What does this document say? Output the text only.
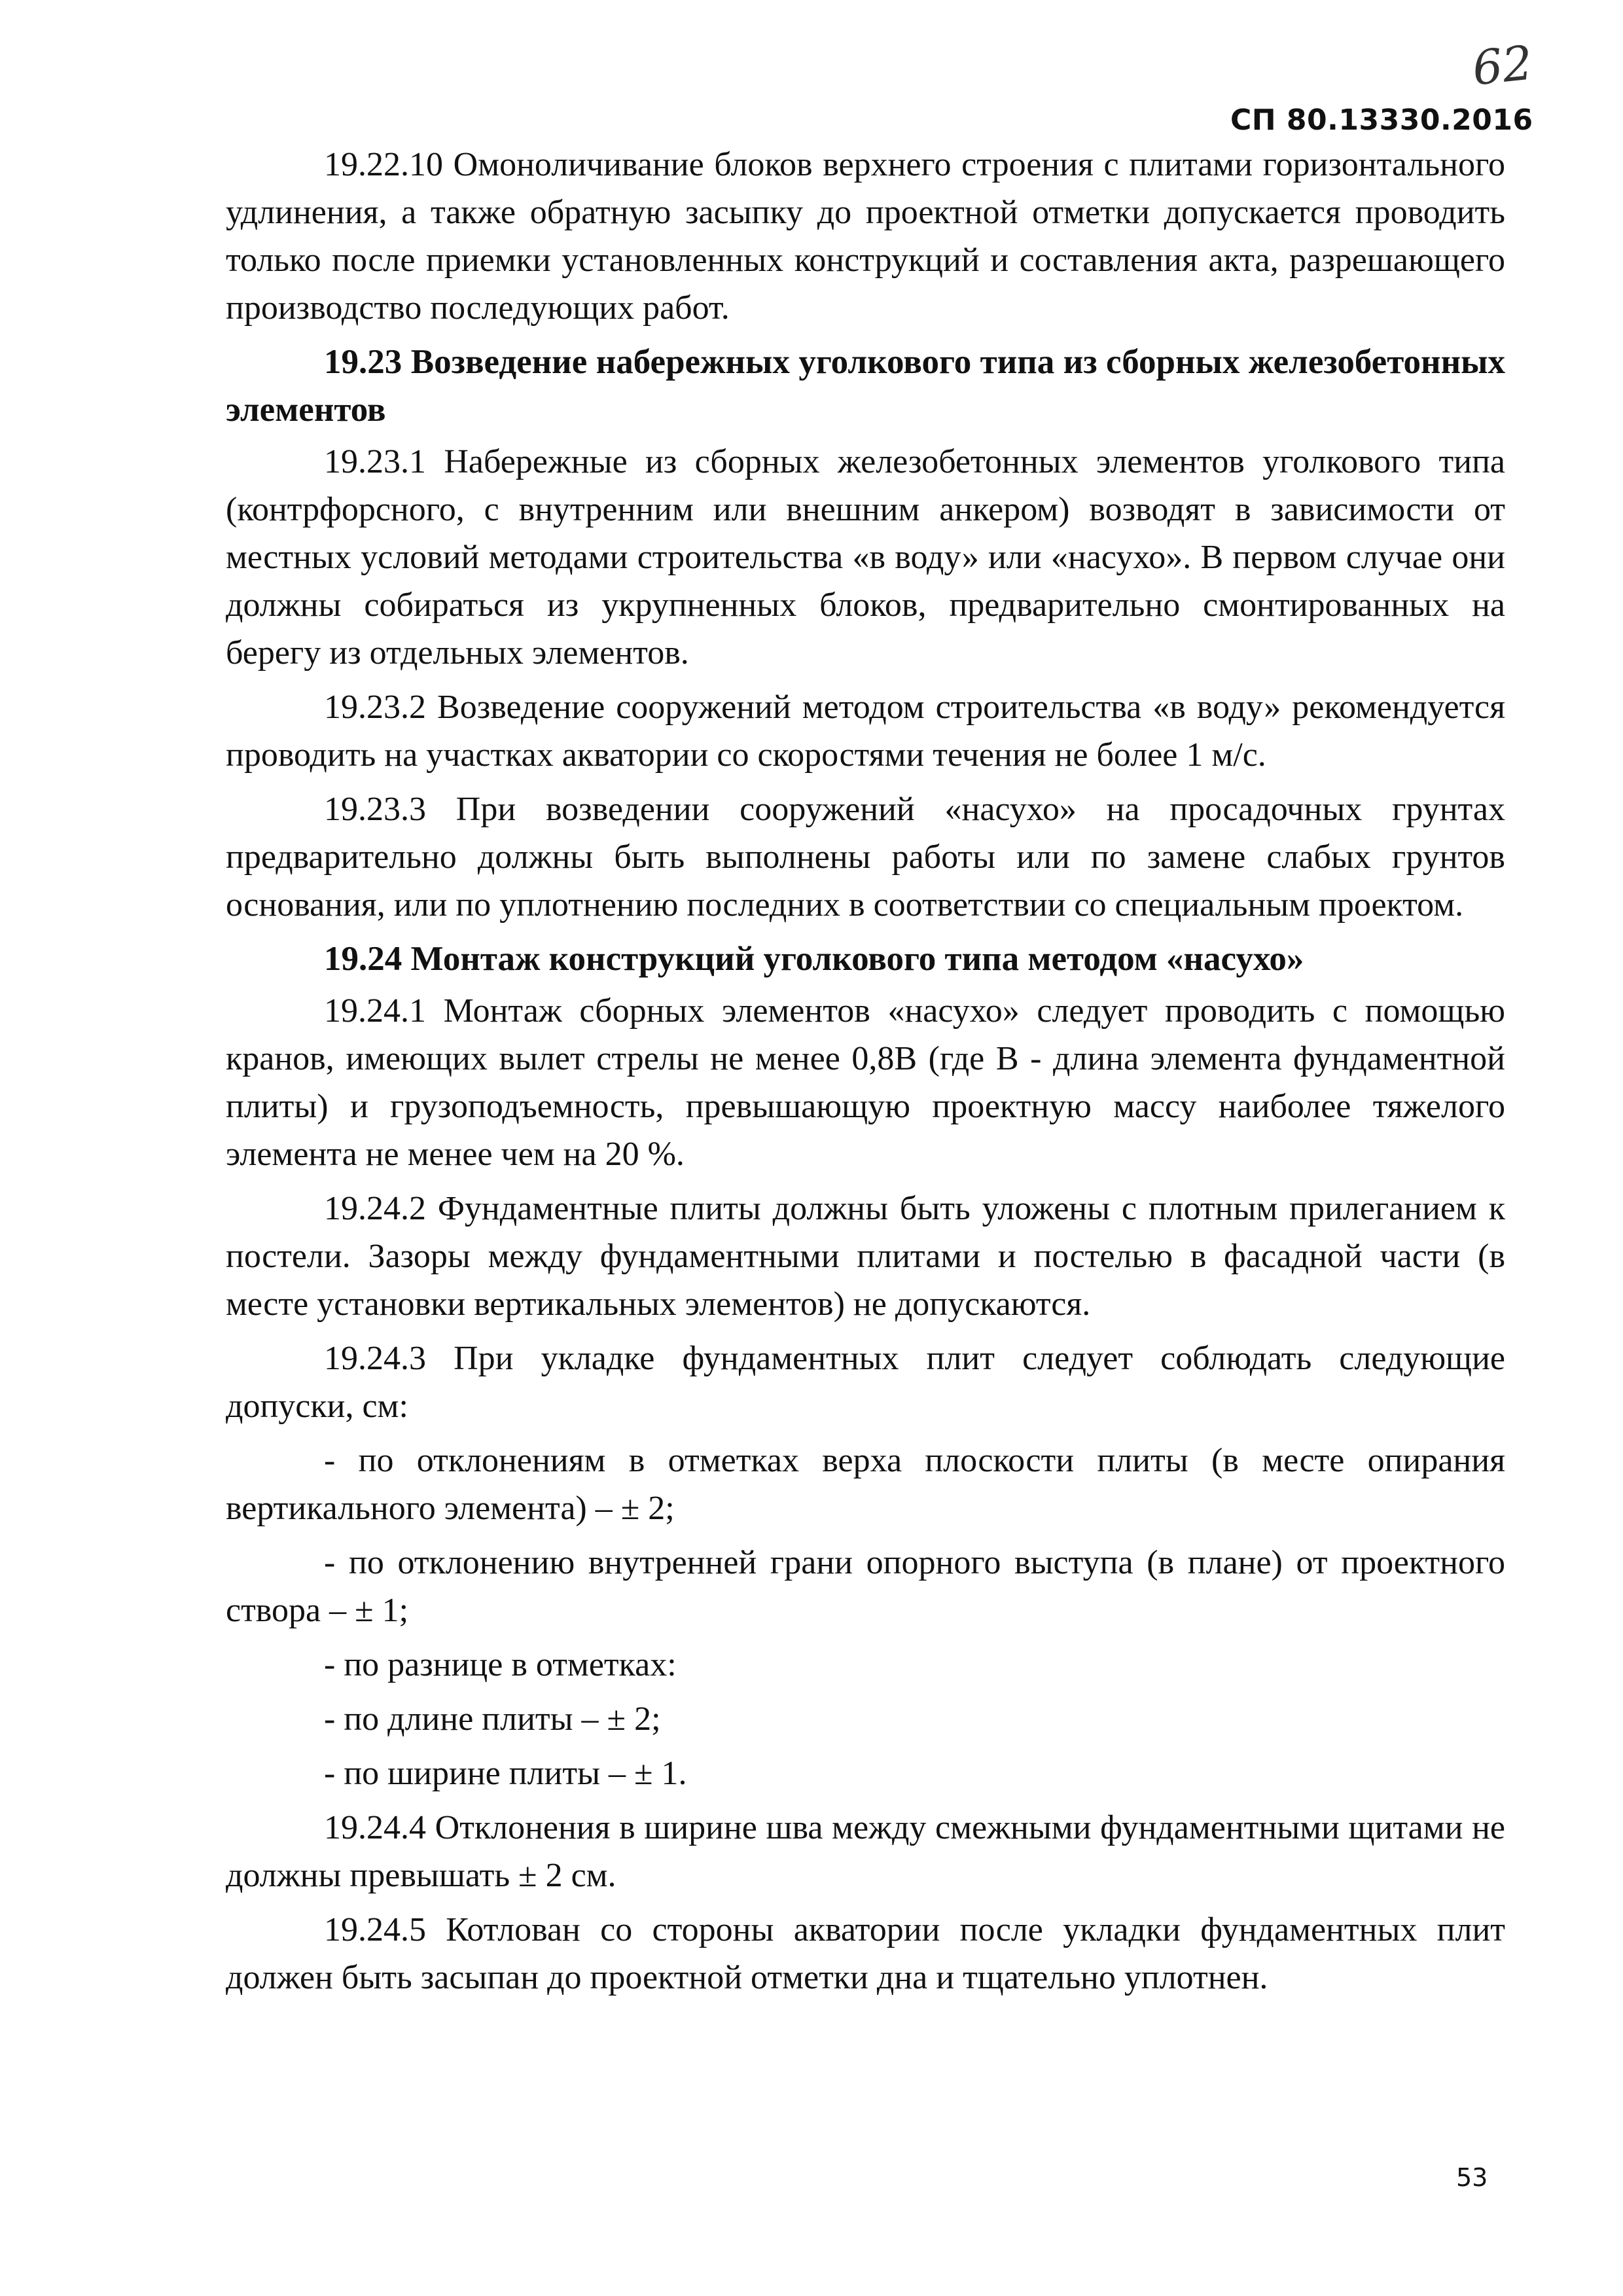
62
СП 80.13330.2016

19.22.10 Омоноличивание блоков верхнего строения с плитами горизонтального удлинения, а также обратную засыпку до проектной отметки допускается проводить только после приемки установленных конструкций и составления акта, разрешающего производство последующих работ.

19.23 Возведение набережных уголкового типа из сборных железобетонных элементов

19.23.1 Набережные из сборных железобетонных элементов уголкового типа (контрфорсного, с внутренним или внешним анкером) возводят в зависимости от местных условий методами строительства «в воду» или «насухо». В первом случае они должны собираться из укрупненных блоков, предварительно смонтированных на берегу из отдельных элементов.

19.23.2 Возведение сооружений методом строительства «в воду» рекомендуется проводить на участках акватории со скоростями течения не более 1 м/с.

19.23.3 При возведении сооружений «насухо» на просадочных грунтах предварительно должны быть выполнены работы или по замене слабых грунтов основания, или по уплотнению последних в соответствии со специальным проектом.

19.24 Монтаж конструкций уголкового типа методом «насухо»

19.24.1 Монтаж сборных элементов «насухо» следует проводить с помощью кранов, имеющих вылет стрелы не менее 0,8В (где В - длина элемента фундаментной плиты) и грузоподъемность, превышающую проектную массу наиболее тяжелого элемента не менее чем на 20 %.

19.24.2 Фундаментные плиты должны быть уложены с плотным прилеганием к постели. Зазоры между фундаментными плитами и постелью в фасадной части (в месте установки вертикальных элементов) не допускаются.

19.24.3 При укладке фундаментных плит следует соблюдать следующие допуски, см:

- по отклонениям в отметках верха плоскости плиты (в месте опирания вертикального элемента) – ± 2;

- по отклонению внутренней грани опорного выступа (в плане) от проектного створа – ± 1;

- по разнице в отметках:

- по длине плиты – ± 2;

- по ширине плиты – ± 1.

19.24.4 Отклонения в ширине шва между смежными фундаментными щитами не должны превышать ± 2 см.

19.24.5 Котлован со стороны акватории после укладки фундаментных плит должен быть засыпан до проектной отметки дна и тщательно уплотнен.

53
